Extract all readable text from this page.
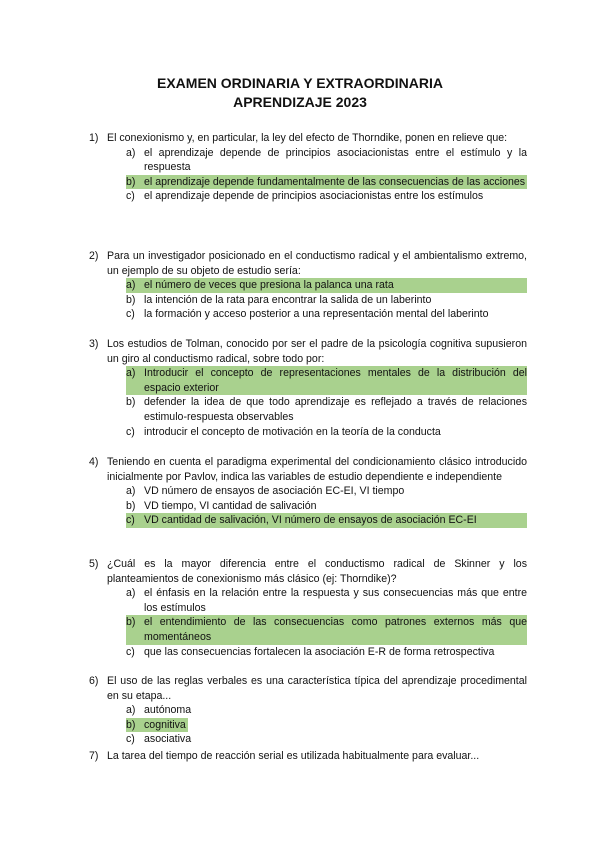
EXAMEN ORDINARIA Y EXTRAORDINARIA
APRENDIZAJE 2023
1) El conexionismo y, en particular, la ley del efecto de Thorndike, ponen en relieve que:
a) el aprendizaje depende de principios asociacionistas entre el estímulo y la respuesta
b) el aprendizaje depende fundamentalmente de las consecuencias de las acciones
c) el aprendizaje depende de principios asociacionistas entre los estímulos
2) Para un investigador posicionado en el conductismo radical y el ambientalismo extremo, un ejemplo de su objeto de estudio sería:
a) el número de veces que presiona la palanca una rata
b) la intención de la rata para encontrar la salida de un laberinto
c) la formación y acceso posterior a una representación mental del laberinto
3) Los estudios de Tolman, conocido por ser el padre de la psicología cognitiva supusieron un giro al conductismo radical, sobre todo por:
a) Introducir el concepto de representaciones mentales de la distribución del espacio exterior
b) defender la idea de que todo aprendizaje es reflejado a través de relaciones estimulo-respuesta observables
c) introducir el concepto de motivación en la teoría de la conducta
4) Teniendo en cuenta el paradigma experimental del condicionamiento clásico introducido inicialmente por Pavlov, indica las variables de estudio dependiente e independiente
a) VD número de ensayos de asociación EC-EI, VI tiempo
b) VD tiempo, VI cantidad de salivación
c) VD cantidad de salivación, VI número de ensayos de asociación EC-EI
5) ¿Cuál es la mayor diferencia entre el conductismo radical de Skinner y los planteamientos de conexionismo más clásico (ej: Thorndike)?
a) el énfasis en la relación entre la respuesta y sus consecuencias más que entre los estímulos
b) el entendimiento de las consecuencias como patrones externos más que momentáneos
c) que las consecuencias fortalecen la asociación E-R de forma retrospectiva
6) El uso de las reglas verbales es una característica típica del aprendizaje procedimental en su etapa...
a) autónoma
b) cognitiva
c) asociativa
7) La tarea del tiempo de reacción serial es utilizada habitualmente para evaluar...
